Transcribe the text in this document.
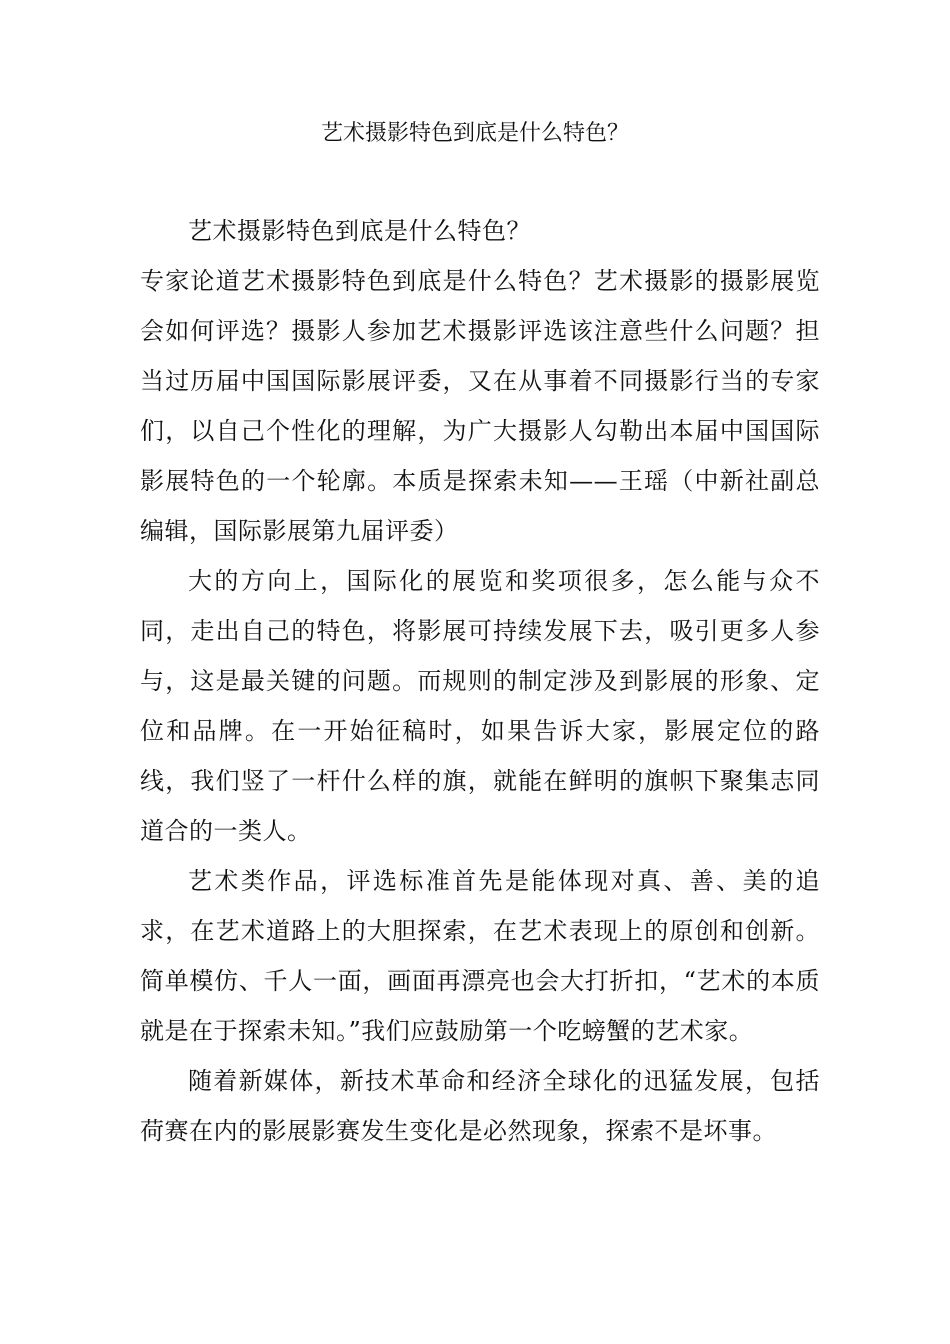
艺术摄影特色到底是什么特色？

艺术摄影特色到底是什么特色？

专家论道艺术摄影特色到底是什么特色？艺术摄影的摄影展览会如何评选？摄影人参加艺术摄影评选该注意些什么问题？担当过历届中国国际影展评委，又在从事着不同摄影行当的专家们，以自己个性化的理解，为广大摄影人勾勒出本届中国国际影展特色的一个轮廓。本质是探索未知——王瑶（中新社副总编辑，国际影展第九届评委）

大的方向上，国际化的展览和奖项很多，怎么能与众不同，走出自己的特色，将影展可持续发展下去，吸引更多人参与，这是最关键的问题。而规则的制定涉及到影展的形象、定位和品牌。在一开始征稿时，如果告诉大家，影展定位的路线，我们竖了一杆什么样的旗，就能在鲜明的旗帜下聚集志同道合的一类人。

艺术类作品，评选标准首先是能体现对真、善、美的追求，在艺术道路上的大胆探索，在艺术表现上的原创和创新。简单模仿、千人一面，画面再漂亮也会大打折扣，“艺术的本质就是在于探索未知。”我们应鼓励第一个吃螃蟹的艺术家。

随着新媒体，新技术革命和经济全球化的迅猛发展，包括荷赛在内的影展影赛发生变化是必然现象，探索不是坏事。
